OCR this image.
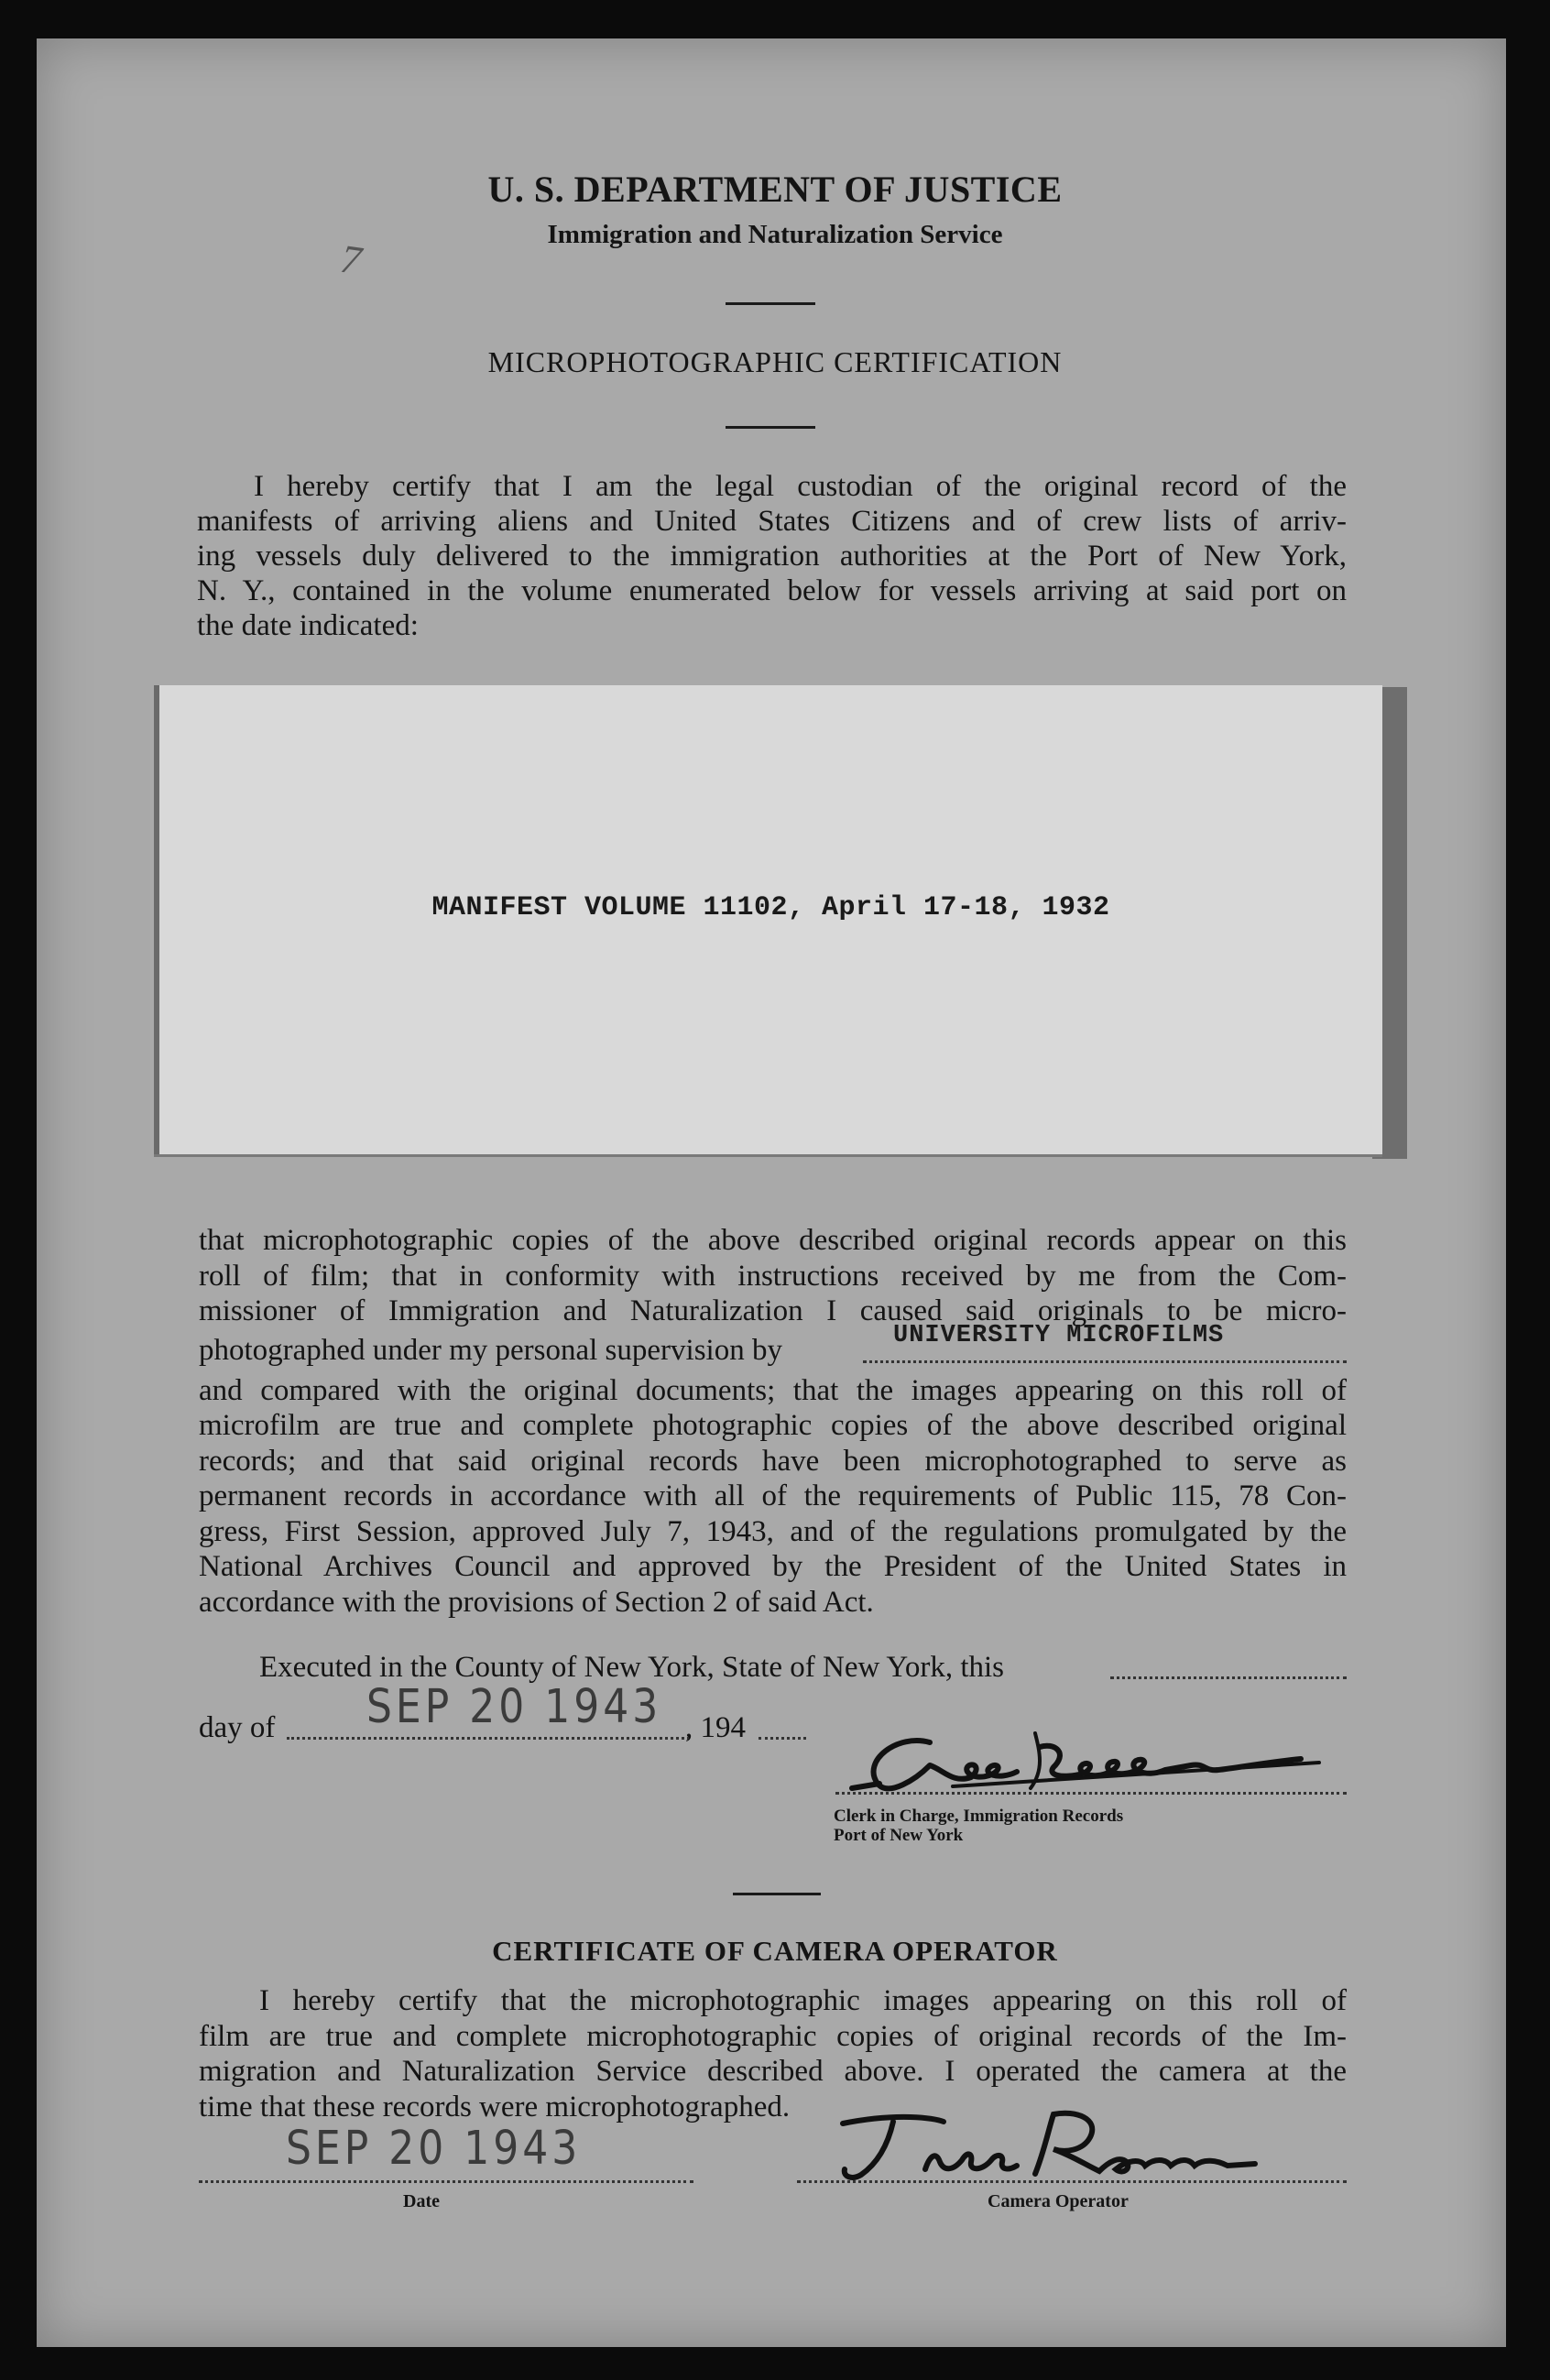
U. S. DEPARTMENT OF JUSTICE
Immigration and Naturalization Service
7
MICROPHOTOGRAPHIC CERTIFICATION
I hereby certify that I am the legal custodian of the original record of the
manifests of arriving aliens and United States Citizens and of crew lists of arriv-
ing vessels duly delivered to the immigration authorities at the Port of New York,
N. Y., contained in the volume enumerated below for vessels arriving at said port on
the date indicated:
MANIFEST VOLUME 11102, April 17-18, 1932
that microphotographic copies of the above described original records appear on this
roll of film; that in conformity with instructions received by me from the Com-
missioner of Immigration and Naturalization I caused said originals to be micro-
photographed under my personal supervision by	UNIVERSITY MICROFILMS
and compared with the original documents; that the images appearing on this roll of
microfilm are true and complete photographic copies of the above described original
records; and that said original records have been microphotographed to serve as
permanent records in accordance with all of the requirements of Public 115, 78 Con-
gress, First Session, approved July 7, 1943, and of the regulations promulgated by the
National Archives Council and approved by the President of the United States in
accordance with the provisions of Section 2 of said Act.
Executed in the County of New York, State of New York, this
day of SEP 20 1943 , 194
Clerk in Charge, Immigration Records
Port of New York
CERTIFICATE OF CAMERA OPERATOR
I hereby certify that the microphotographic images appearing on this roll of
film are true and complete microphotographic copies of original records of the Im-
migration and Naturalization Service described above. I operated the camera at the
time that these records were microphotographed.
SEP 20 1943
Date	Camera Operator
